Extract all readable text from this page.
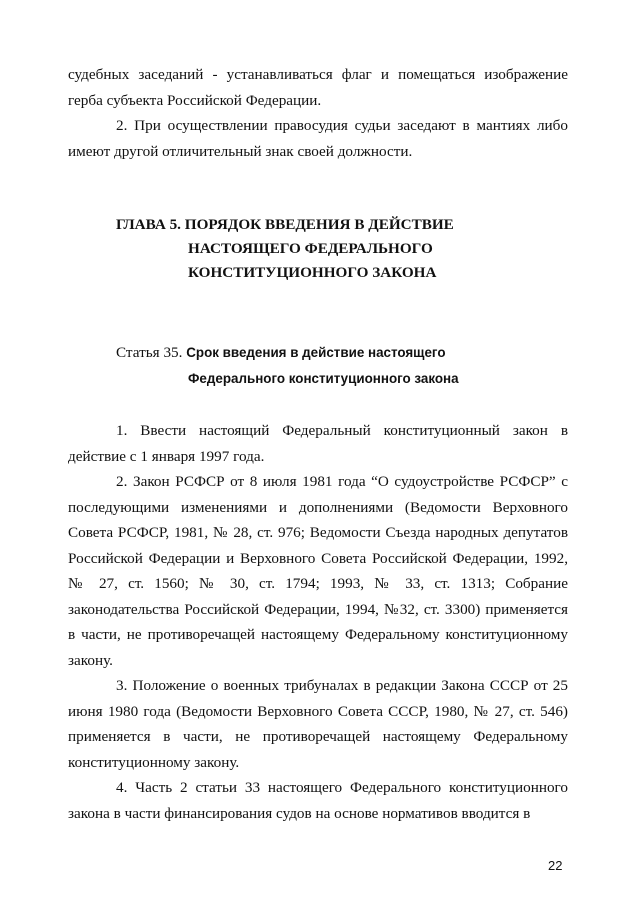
судебных заседаний - устанавливаться флаг и помещаться изображение герба субъекта Российской Федерации.

2. При осуществлении правосудия судьи заседают в мантиях либо имеют другой отличительный знак своей должности.

ГЛАВА 5. ПОРЯДОК ВВЕДЕНИЯ В ДЕЙСТВИЕ
НАСТОЯЩЕГО ФЕДЕРАЛЬНОГО
КОНСТИТУЦИОННОГО ЗАКОНА
Статья 35. Срок введения в действие настоящего
Федерального конституционного закона

1. Ввести настоящий Федеральный конституционный закон в действие с 1 января 1997 года.

2. Закон РСФСР от 8 июля 1981 года “О судоустройстве РСФСР” с последующими изменениями и дополнениями (Ведомости Верховного Совета РСФСР, 1981, № 28, ст. 976; Ведомости Съезда народных депутатов Российской Федерации и Верховного Совета Российской Федерации, 1992, № 27, ст. 1560; № 30, ст. 1794; 1993, № 33, ст. 1313; Собрание законодательства Российской Федерации, 1994, №32, ст. 3300) применяется в части, не противоречащей настоящему Федеральному конституционному закону.

3. Положение о военных трибуналах в редакции Закона СССР от 25 июня 1980 года (Ведомости Верховного Совета СССР, 1980, № 27, ст. 546) применяется в части, не противоречащей настоящему Федеральному конституционному закону.

4. Часть 2 статьи 33 настоящего Федерального конституционного закона в части финансирования судов на основе нормативов вводится в

22
